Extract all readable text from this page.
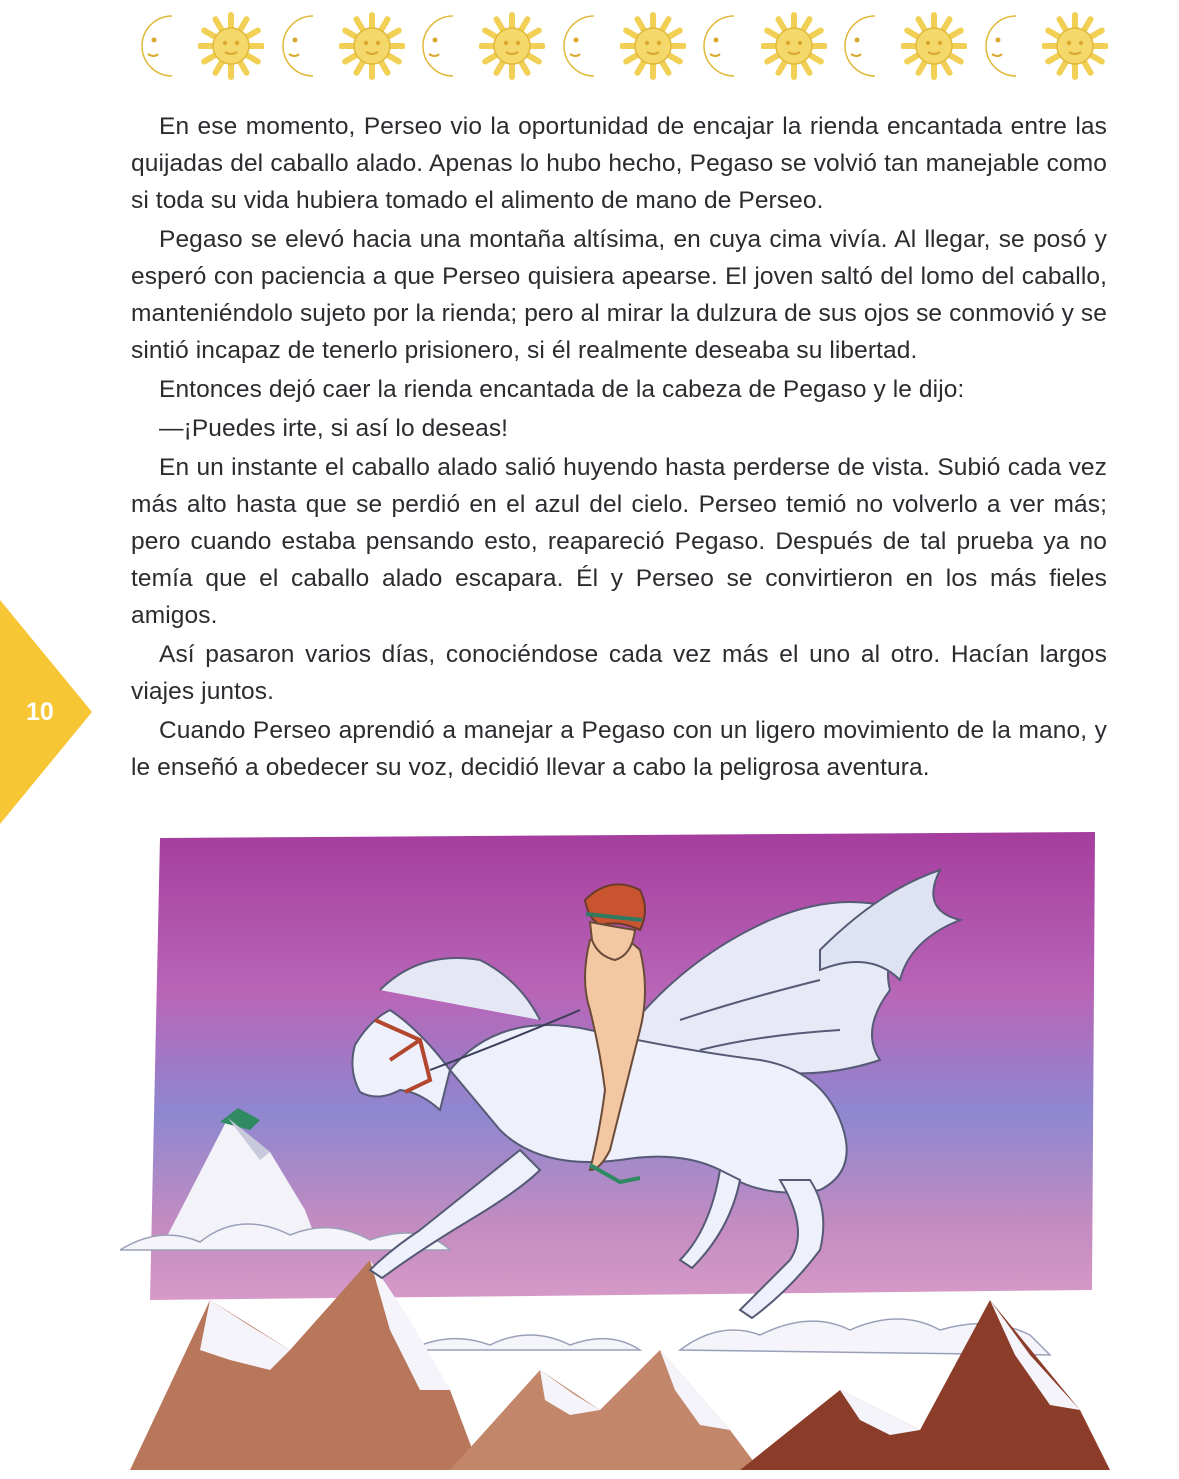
10

En ese momento, Perseo vio la oportunidad de encajar la rienda encantada entre las quijadas del caballo alado. Apenas lo hubo hecho, Pegaso se volvió tan manejable como si toda su vida hubiera tomado el alimento de mano de Perseo.

Pegaso se elevó hacia una montaña altísima, en cuya cima vivía. Al llegar, se posó y esperó con paciencia a que Perseo quisiera apearse. El joven saltó del lomo del caballo, manteniéndolo sujeto por la rienda; pero al mirar la dulzura de sus ojos se conmovió y se sintió incapaz de tenerlo prisionero, si él realmente deseaba su libertad.

Entonces dejó caer la rienda encantada de la cabeza de Pegaso y le dijo:

—¡Puedes irte, si así lo deseas!

En un instante el caballo alado salió huyendo hasta perderse de vista. Subió cada vez más alto hasta que se perdió en el azul del cielo. Perseo temió no volverlo a ver más; pero cuando estaba pensando esto, reapareció Pegaso. Después de tal prueba ya no temía que el caballo alado escapara. Él y Perseo se convirtieron en los más fieles amigos.

Así pasaron varios días, conociéndose cada vez más el uno al otro. Hacían largos viajes juntos.

Cuando Perseo aprendió a manejar a Pegaso con un ligero movimiento de la mano, y le enseñó a obedecer su voz, decidió llevar a cabo la peligrosa aventura.
